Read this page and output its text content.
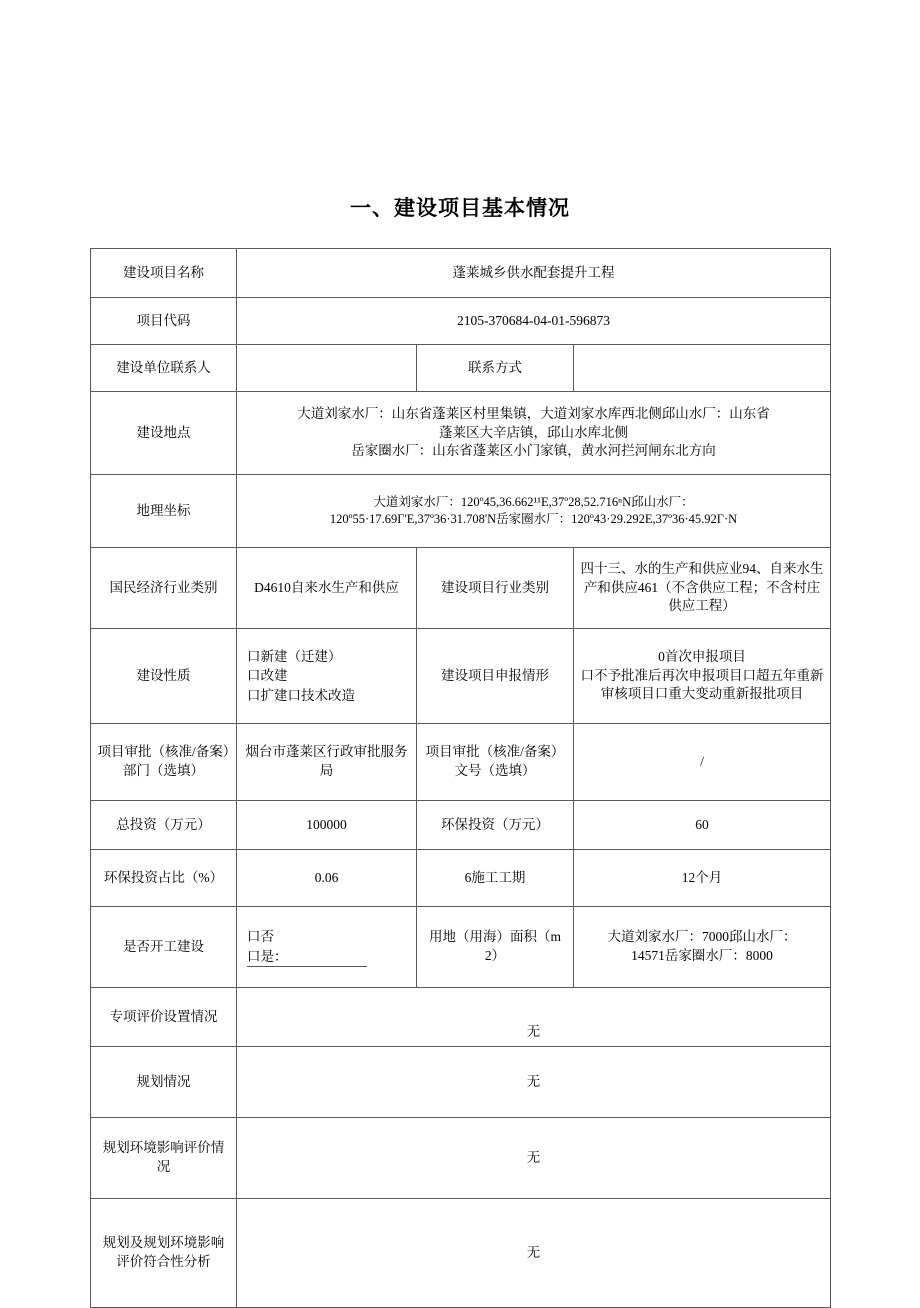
一、建设项目基本情况
建设项目名称	蓬莱城乡供水配套提升工程		
项目代码	2105-370684-04-01-596873		
建设单位联系人		联系方式	
建设地点	大道刘家水厂：山东省蓬莱区村里集镇，大道刘家水库西北侧邱山水厂：山东省
蓬莱区大辛店镇，邱山水库北侧
岳家圈水厂：山东省蓬莱区小门家镇，黄水河拦河闸东北方向		

地理坐标	大道刘家水厂：120º45,36.662¹¹E,37º28,52.716ⁿN邱山水厂：
120º55·17.69Γ'E,37º36·31.708'N岳家圈水厂：120º43·29.292E,37º36·45.92Γ·N		

国民经济行业类别	D4610自来水生产和供应	建设项目行业类别	四十三、水的生产和供应业94、自来水生产和供应461（不含供应工程；不含村庄供应工程）
建设性质	口新建（迁建）
口改建
口扩建口技术改造	建设项目申报情形	0首次申报项目
口不予批准后再次申报项目口超五年重新审核项目口重大变动重新报批项目

项目审批（核准/备案）部门（选填）	烟台市蓬莱区行政审批服务局	项目审批（核准/备案）文号（选填）	/
总投资（万元）	100000	环保投资（万元）	60
环保投资占比（%）	0.06	6施工工期	12个月
是否开工建设	口否
口是：	用地（用海）面积（m2）	大道刘家水厂：7000邱山水厂：
14571岳家圈水厂：8000

专项评价设置情况	无		
规划情况	无		
规划环境影响评价情况	无		
规划及规划环境影响评价符合性分析	无		
